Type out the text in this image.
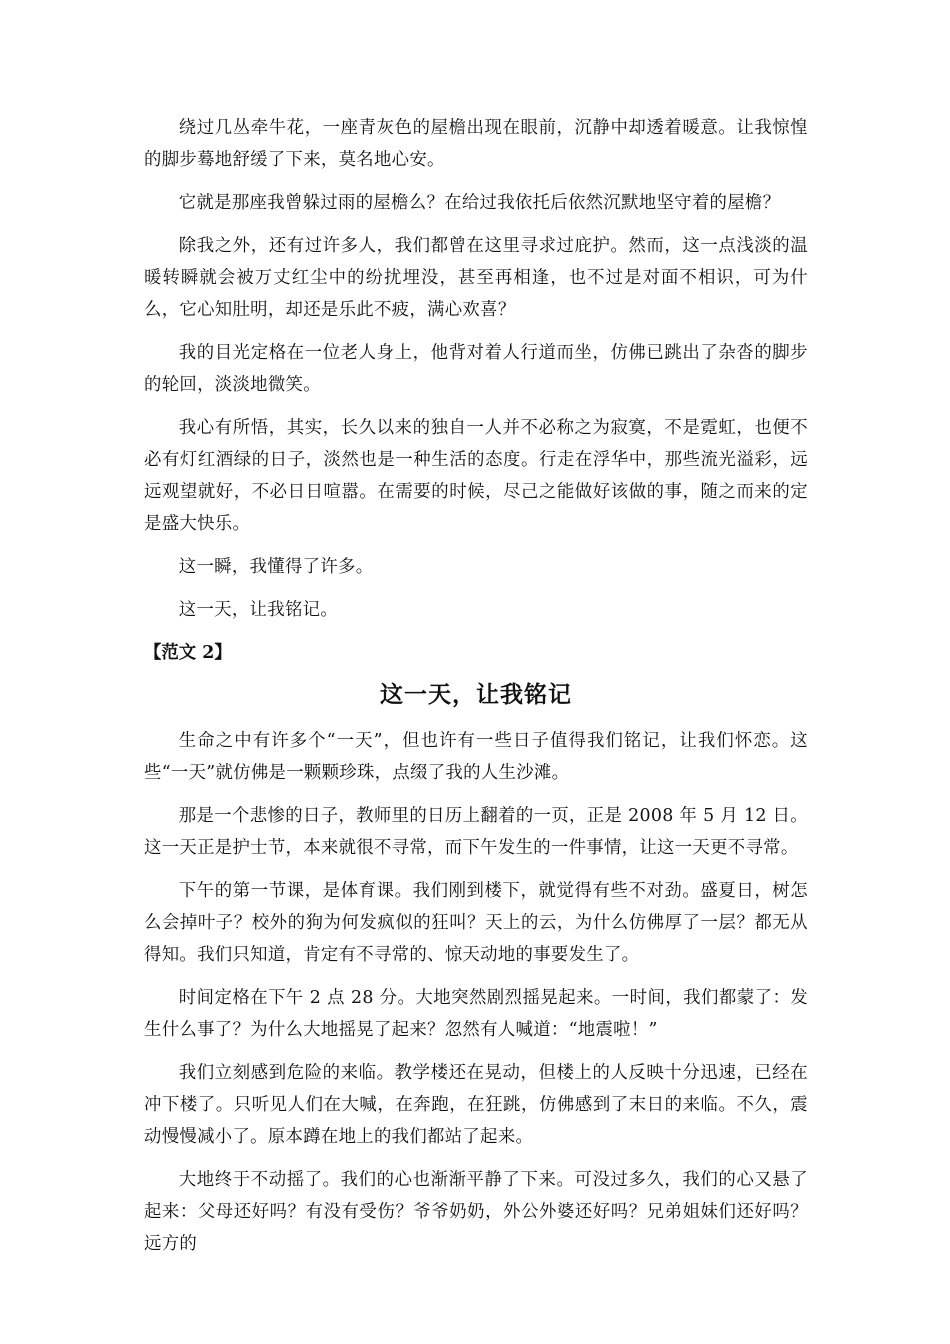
绕过几丛牵牛花，一座青灰色的屋檐出现在眼前，沉静中却透着暖意。让我惊惶的脚步蓦地舒缓了下来，莫名地心安。

它就是那座我曾躲过雨的屋檐么？在给过我依托后依然沉默地坚守着的屋檐？

除我之外，还有过许多人，我们都曾在这里寻求过庇护。然而，这一点浅淡的温暖转瞬就会被万丈红尘中的纷扰埋没，甚至再相逢，也不过是对面不相识，可为什么，它心知肚明，却还是乐此不疲，满心欢喜？

我的目光定格在一位老人身上，他背对着人行道而坐，仿佛已跳出了杂沓的脚步的轮回，淡淡地微笑。

我心有所悟，其实，长久以来的独自一人并不必称之为寂寞，不是霓虹，也便不必有灯红酒绿的日子，淡然也是一种生活的态度。行走在浮华中，那些流光溢彩，远远观望就好，不必日日喧嚣。在需要的时候，尽己之能做好该做的事，随之而来的定是盛大快乐。

这一瞬，我懂得了许多。

这一天，让我铭记。

【范文 2】
这一天，让我铭记

生命之中有许多个“一天”，但也许有一些日子值得我们铭记，让我们怀恋。这些“一天”就仿佛是一颗颗珍珠，点缀了我的人生沙滩。

那是一个悲惨的日子，教师里的日历上翻着的一页，正是 2008 年 5 月 12 日。这一天正是护士节，本来就很不寻常，而下午发生的一件事情，让这一天更不寻常。

下午的第一节课，是体育课。我们刚到楼下，就觉得有些不对劲。盛夏日，树怎么会掉叶子？校外的狗为何发疯似的狂叫？天上的云，为什么仿佛厚了一层？都无从得知。我们只知道，肯定有不寻常的、惊天动地的事要发生了。

时间定格在下午 2 点 28 分。大地突然剧烈摇晃起来。一时间，我们都蒙了：发生什么事了？为什么大地摇晃了起来？忽然有人喊道：“地震啦！”

我们立刻感到危险的来临。教学楼还在晃动，但楼上的人反映十分迅速，已经在冲下楼了。只听见人们在大喊，在奔跑，在狂跳，仿佛感到了末日的来临。不久，震动慢慢减小了。原本蹲在地上的我们都站了起来。

大地终于不动摇了。我们的心也渐渐平静了下来。可没过多久，我们的心又悬了起来：父母还好吗？有没有受伤？爷爷奶奶，外公外婆还好吗？兄弟姐妹们还好吗？远方的
